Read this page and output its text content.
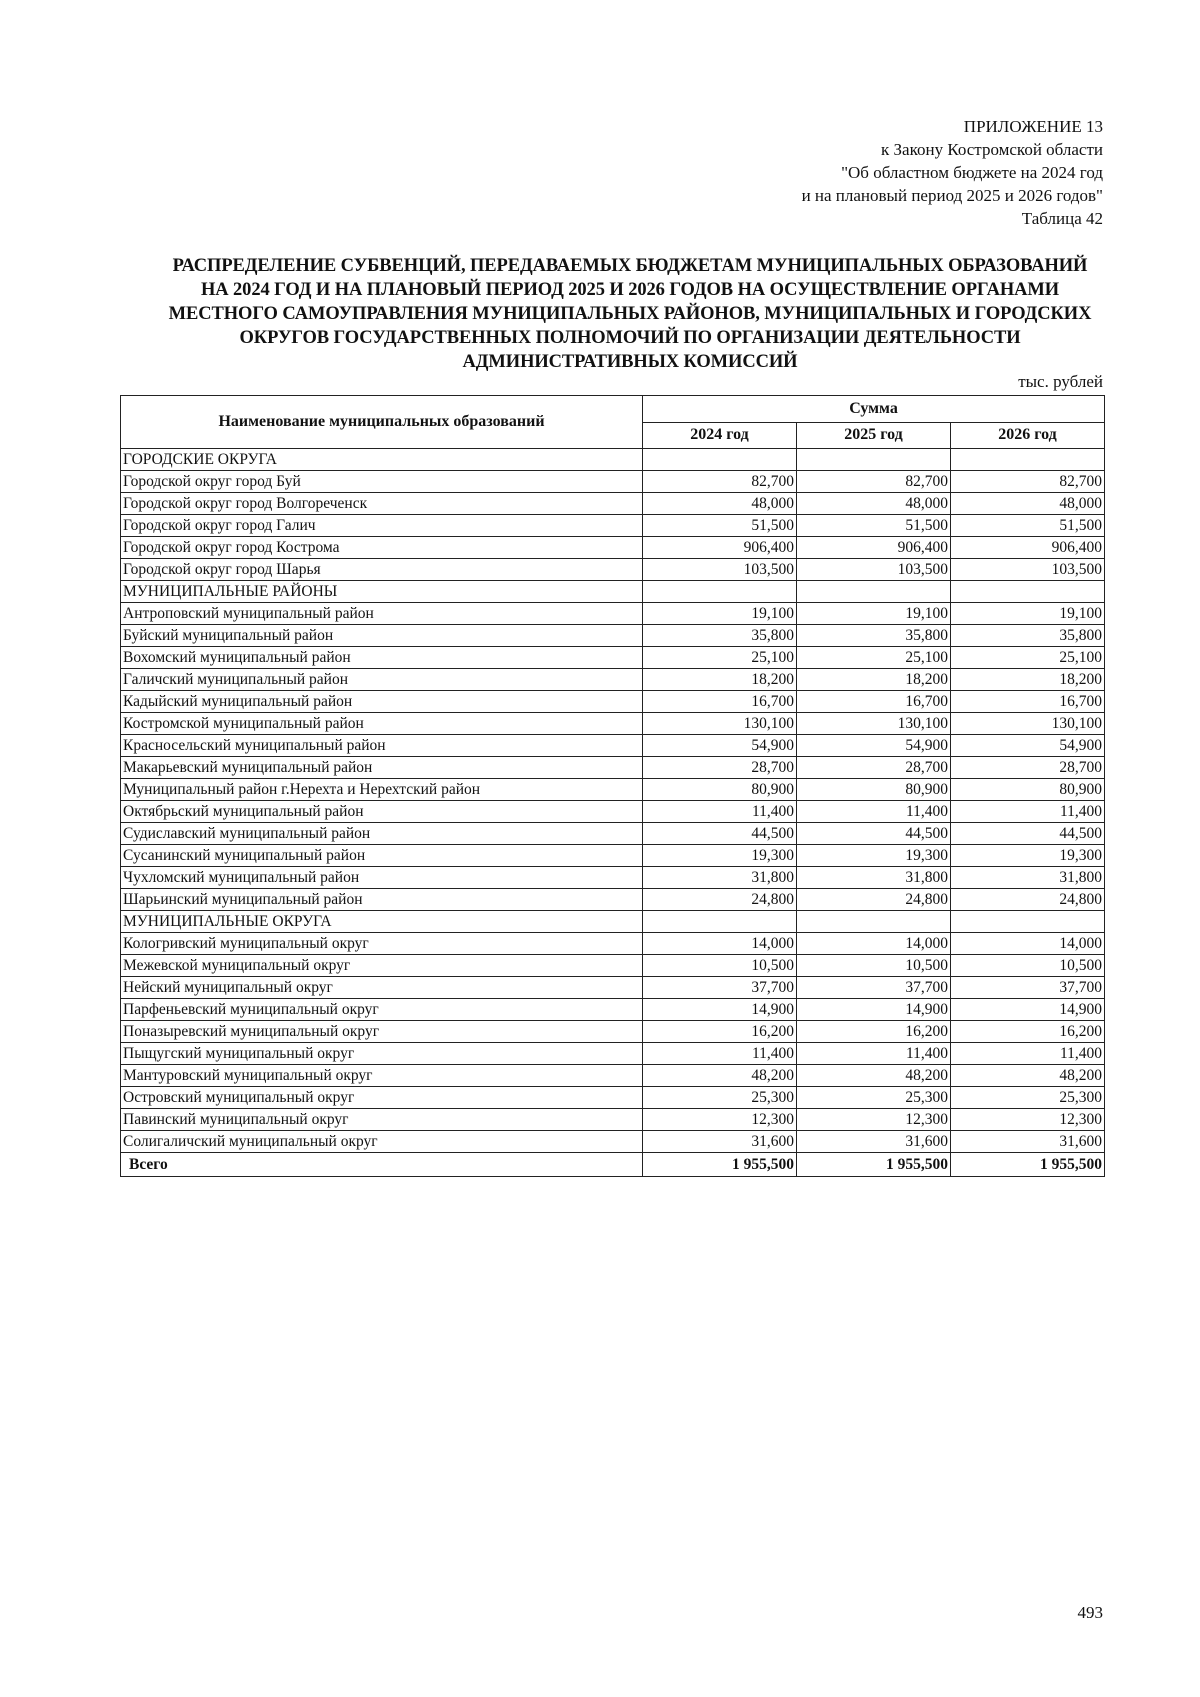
ПРИЛОЖЕНИЕ 13
к Закону Костромской области
"Об областном бюджете на 2024 год
и на плановый период 2025 и 2026 годов"
Таблица 42
РАСПРЕДЕЛЕНИЕ СУБВЕНЦИЙ, ПЕРЕДАВАЕМЫХ БЮДЖЕТАМ МУНИЦИПАЛЬНЫХ ОБРАЗОВАНИЙ
НА 2024 ГОД И НА ПЛАНОВЫЙ ПЕРИОД 2025 И 2026 ГОДОВ НА ОСУЩЕСТВЛЕНИЕ ОРГАНАМИ
МЕСТНОГО САМОУПРАВЛЕНИЯ МУНИЦИПАЛЬНЫХ РАЙОНОВ, МУНИЦИПАЛЬНЫХ И ГОРОДСКИХ
ОКРУГОВ ГОСУДАРСТВЕННЫХ ПОЛНОМОЧИЙ ПО ОРГАНИЗАЦИИ ДЕЯТЕЛЬНОСТИ
АДМИНИСТРАТИВНЫХ КОМИССИЙ
тыс. рублей
Наименование муниципальных образований	Сумма		
	2024 год	2025 год	2026 год
ГОРОДСКИЕ ОКРУГА			
Городской округ город Буй	82,700	82,700	82,700
Городской округ город Волгореченск	48,000	48,000	48,000
Городской округ город Галич	51,500	51,500	51,500
Городской округ город Кострома	906,400	906,400	906,400
Городской округ город Шарья	103,500	103,500	103,500
МУНИЦИПАЛЬНЫЕ РАЙОНЫ			
Антроповский муниципальный район	19,100	19,100	19,100
Буйский муниципальный район	35,800	35,800	35,800
Вохомский муниципальный район	25,100	25,100	25,100
Галичский муниципальный район	18,200	18,200	18,200
Кадыйский муниципальный район	16,700	16,700	16,700
Костромской муниципальный район	130,100	130,100	130,100
Красносельский муниципальный район	54,900	54,900	54,900
Макарьевский муниципальный район	28,700	28,700	28,700
Муниципальный район г.Нерехта и Нерехтский район	80,900	80,900	80,900
Октябрьский муниципальный район	11,400	11,400	11,400
Судиславский муниципальный район	44,500	44,500	44,500
Сусанинский муниципальный район	19,300	19,300	19,300
Чухломский муниципальный район	31,800	31,800	31,800
Шарьинский муниципальный район	24,800	24,800	24,800
МУНИЦИПАЛЬНЫЕ ОКРУГА			
Кологривский муниципальный округ	14,000	14,000	14,000
Межевской муниципальный округ	10,500	10,500	10,500
Нейский муниципальный округ	37,700	37,700	37,700
Парфеньевский муниципальный округ	14,900	14,900	14,900
Поназыревский муниципальный округ	16,200	16,200	16,200
Пыщугский муниципальный округ	11,400	11,400	11,400
Мантуровский муниципальный округ	48,200	48,200	48,200
Островский муниципальный округ	25,300	25,300	25,300
Павинский муниципальный округ	12,300	12,300	12,300
Солигаличский муниципальный округ	31,600	31,600	31,600
Всего	1 955,500	1 955,500	1 955,500
493
